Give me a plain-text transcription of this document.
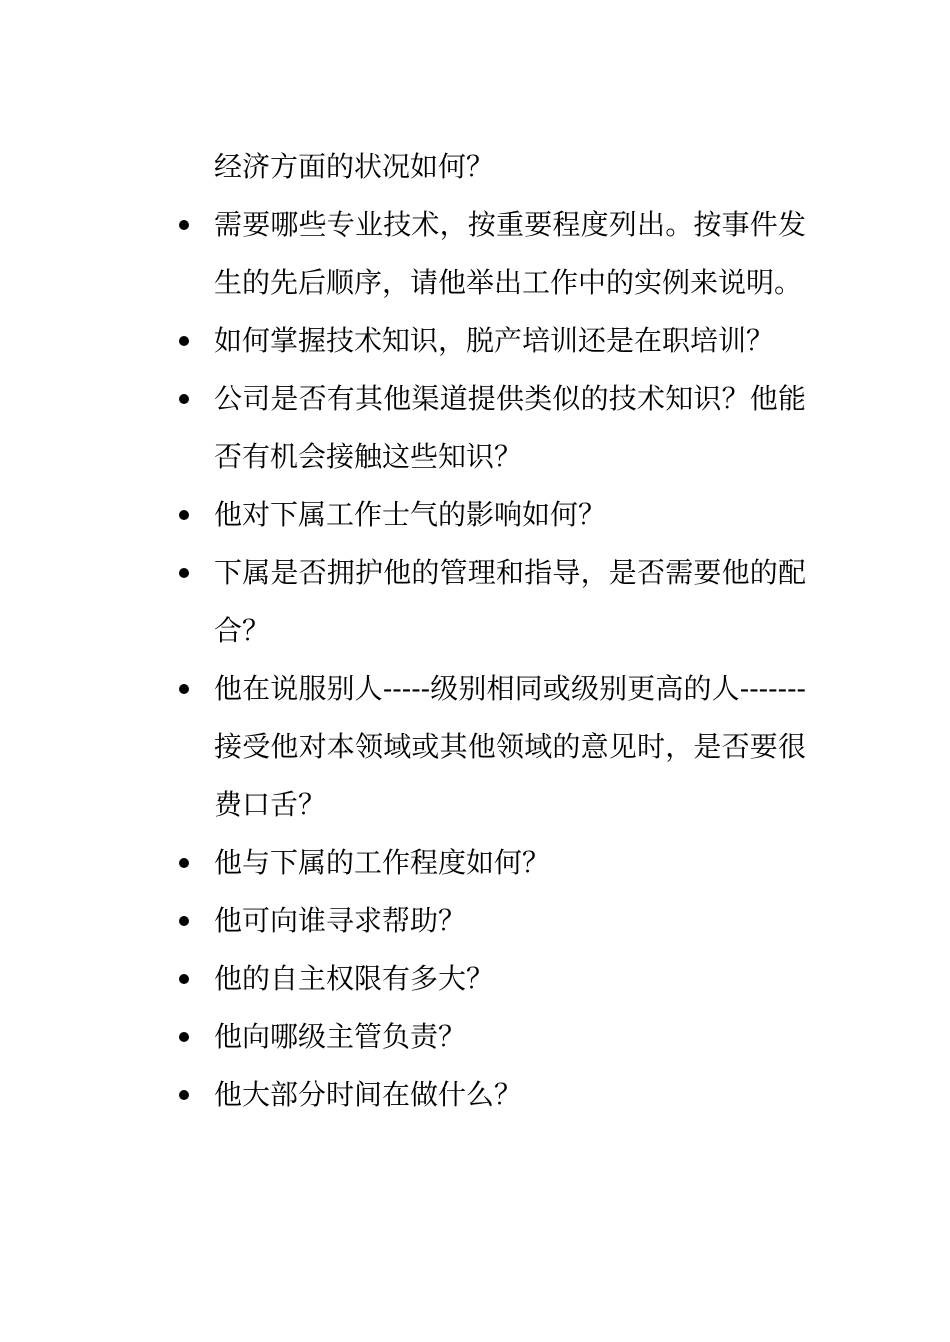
经济方面的状况如何？

需要哪些专业技术，按重要程度列出。按事件发生的先后顺序，请他举出工作中的实例来说明。
如何掌握技术知识，脱产培训还是在职培训？
公司是否有其他渠道提供类似的技术知识？他能否有机会接触这些知识？
他对下属工作士气的影响如何？
下属是否拥护他的管理和指导，是否需要他的配合？
他在说服别人-----级别相同或级别更高的人-------接受他对本领域或其他领域的意见时，是否要很费口舌？
他与下属的工作程度如何？
他可向谁寻求帮助？
他的自主权限有多大？
他向哪级主管负责？
他大部分时间在做什么？
